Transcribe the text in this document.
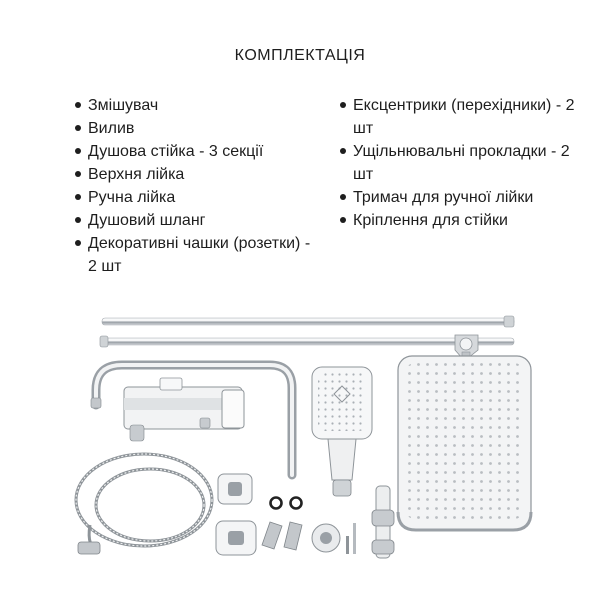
КОМПЛЕКТАЦІЯ
Змішувач
Вилив
Душова стійка - 3 секції
Верхня лійка
Ручна лійка
Душовий шланг
Декоративні чашки (розетки) - 2 шт
Ексцентрики (перехідники) - 2 шт
Ущільнювальні прокладки - 2 шт
Тримач для ручної лійки
Кріплення для стійки
